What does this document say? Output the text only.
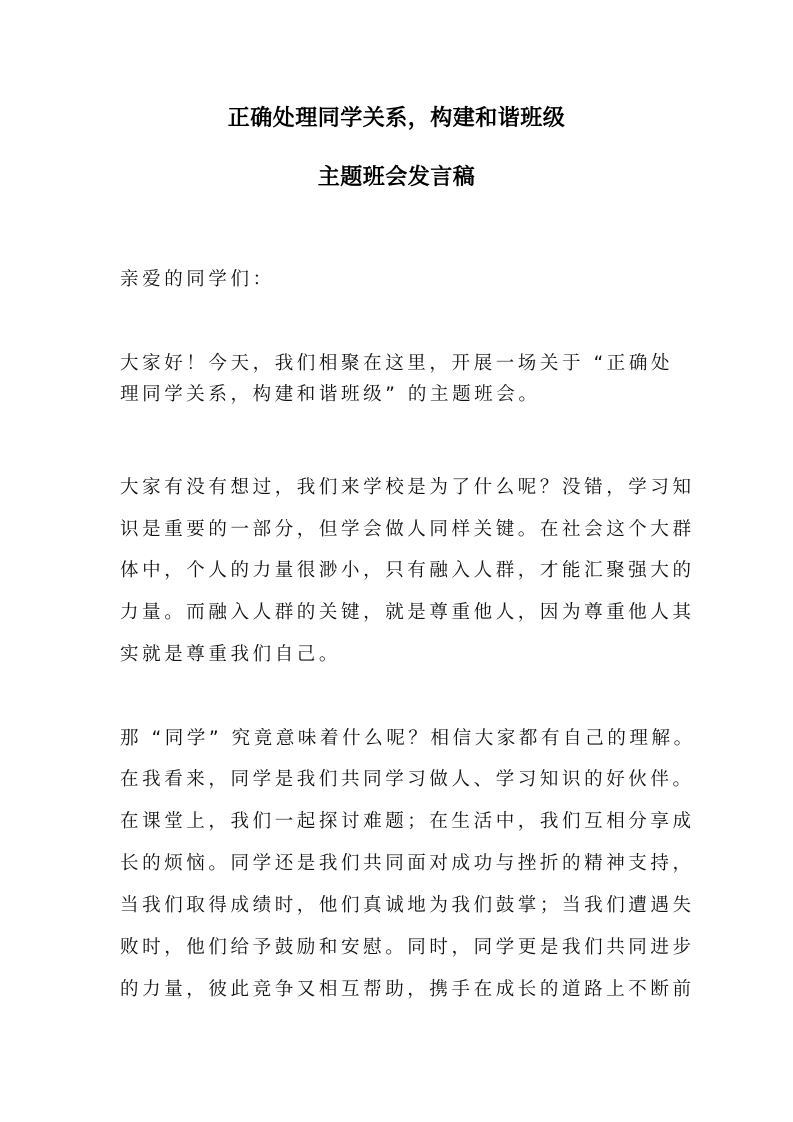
正确处理同学关系，构建和谐班级
主题班会发言稿
亲爱的同学们：
大家好！今天，我们相聚在这里，开展一场关于 “正确处
理同学关系，构建和谐班级” 的主题班会。
大家有没有想过，我们来学校是为了什么呢？没错，学习知
识是重要的一部分，但学会做人同样关键。在社会这个大群
体中，个人的力量很渺小，只有融入人群，才能汇聚强大的
力量。而融入人群的关键，就是尊重他人，因为尊重他人其
实就是尊重我们自己。
那 “同学” 究竟意味着什么呢？相信大家都有自己的理解。
在我看来，同学是我们共同学习做人、学习知识的好伙伴。
在课堂上，我们一起探讨难题；在生活中，我们互相分享成
长的烦恼。同学还是我们共同面对成功与挫折的精神支持，
当我们取得成绩时，他们真诚地为我们鼓掌；当我们遭遇失
败时，他们给予鼓励和安慰。同时，同学更是我们共同进步
的力量，彼此竞争又相互帮助，携手在成长的道路上不断前
